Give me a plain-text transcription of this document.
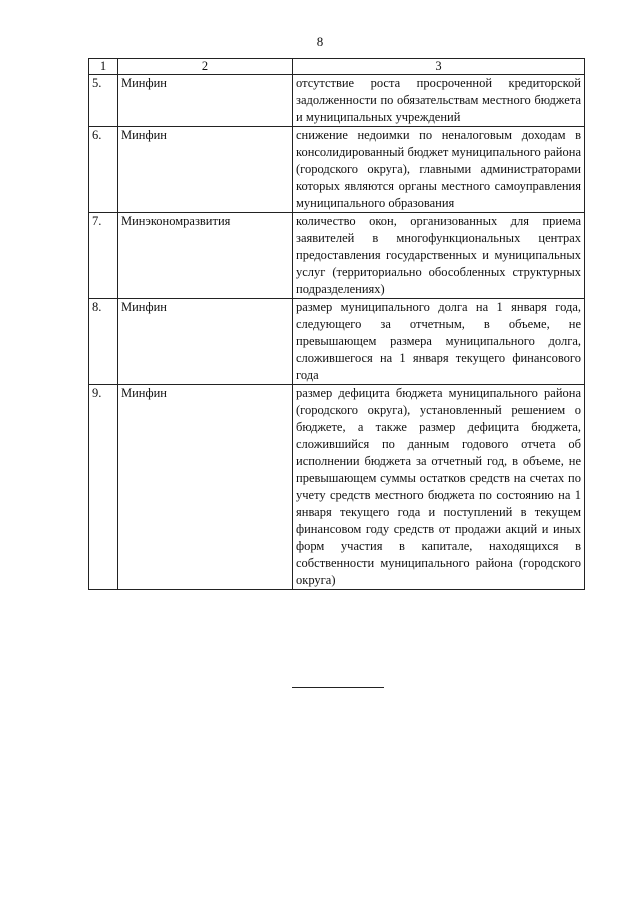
8
1	2	3
5.	Минфин	отсутствие роста просроченной кредиторской задолженности по обязательствам местного бюджета и муниципальных учреждений
6.	Минфин	снижение недоимки по неналоговым доходам в консолидированный бюджет муниципального района (городского округа), главными администраторами которых являются органы местного самоуправления муниципального образования
7.	Минэкономразвития	количество окон, организованных для приема заявителей в многофункциональных центрах предоставления государственных и муниципальных услуг (территориально обособленных структурных подразделениях)
8.	Минфин	размер муниципального долга на 1 января года, следующего за отчетным, в объеме, не превышающем размера муниципального долга, сложившегося на 1 января текущего финансового года
9.	Минфин	размер дефицита бюджета муниципального района (городского округа), установленный решением о бюджете, а также размер дефицита бюджета, сложившийся по данным годового отчета об исполнении бюджета за отчетный год, в объеме, не превышающем суммы остатков средств на счетах по учету средств местного бюджета по состоянию на 1 января текущего года и поступлений в текущем финансовом году средств от продажи акций и иных форм участия в капитале, находящихся в собственности муниципального района (городского округа)
